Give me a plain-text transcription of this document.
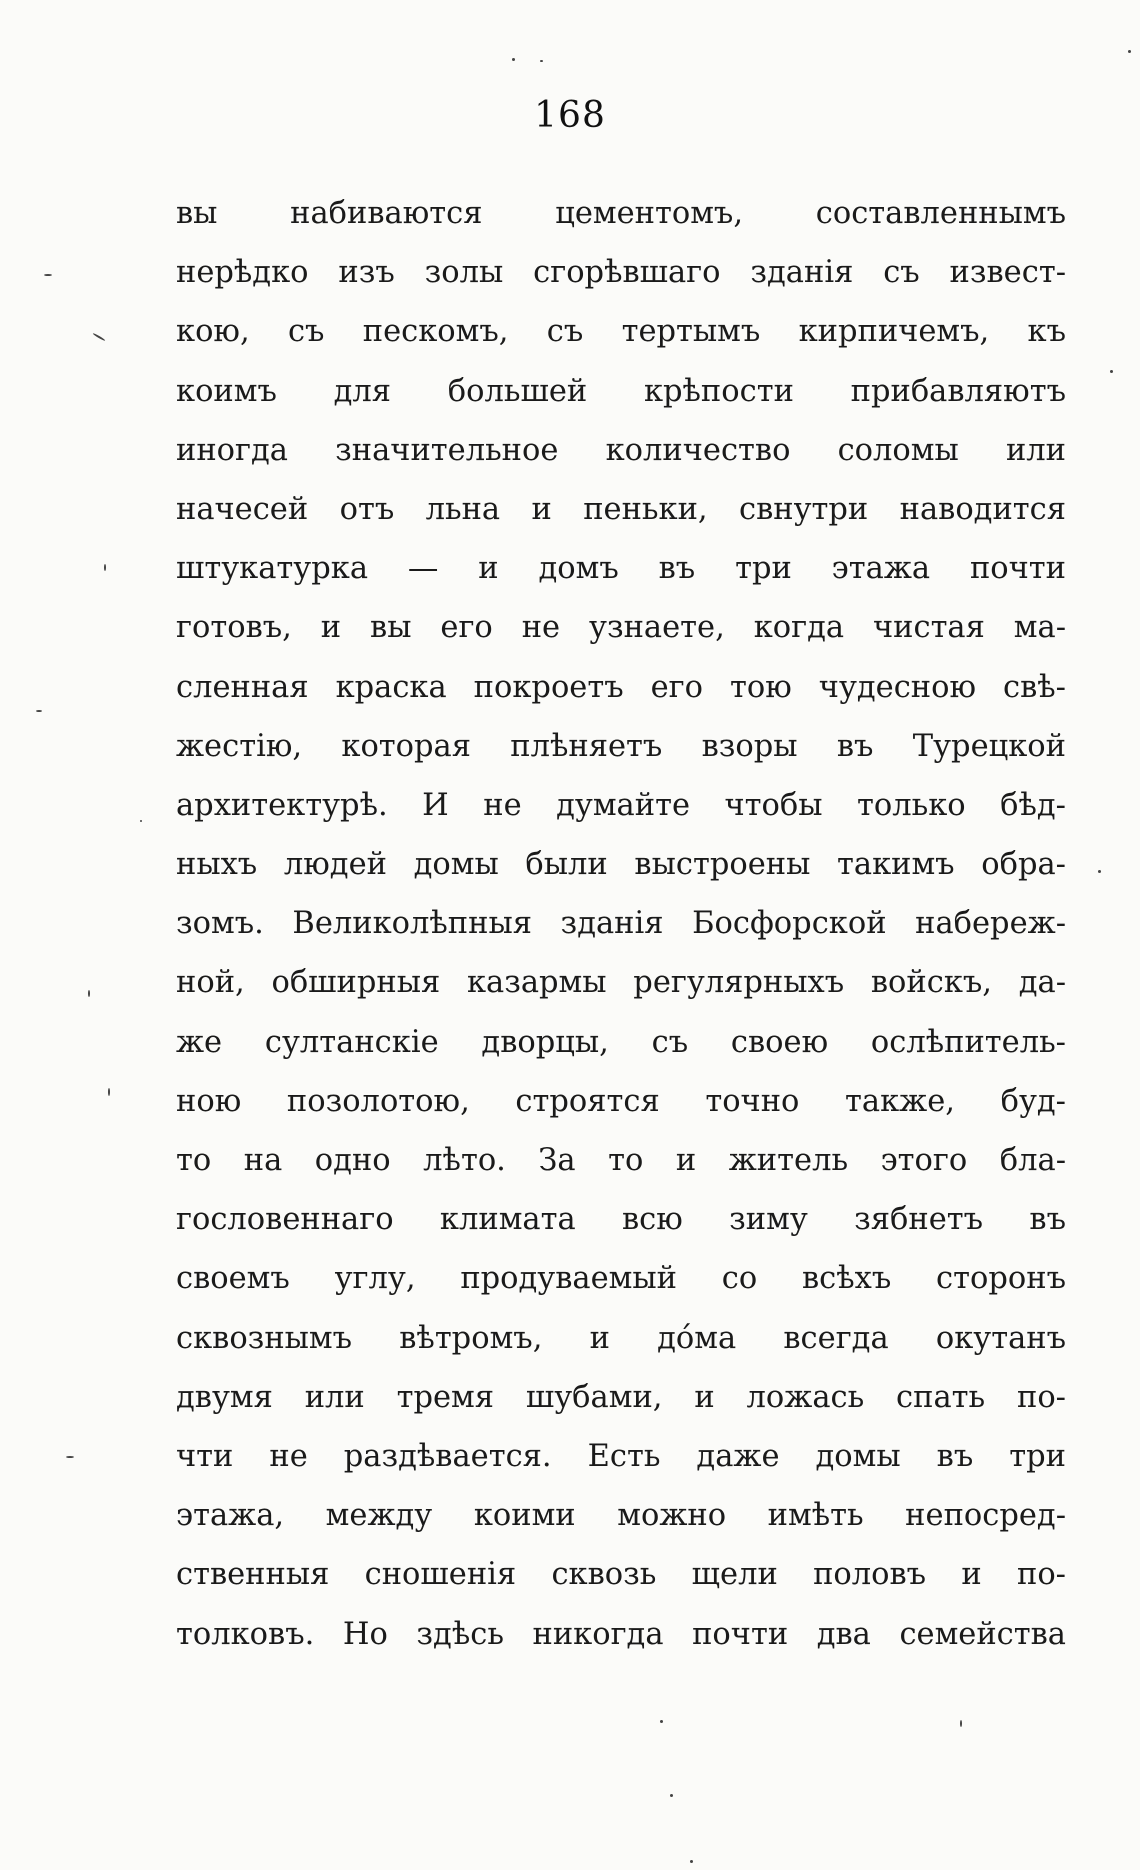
168
вы набиваются цементомъ, составленнымъ
нерѣдко изъ золы сгорѣвшаго зданія съ извест-
кою, съ пескомъ, съ тертымъ кирпичемъ, къ
коимъ для большей крѣпости прибавляютъ
иногда значительное количество соломы или
начесей отъ льна и пеньки, свнутри наводится
штукатурка — и домъ въ три этажа почти
готовъ, и вы его не узнаете, когда чистая ма-
сленная краска покроетъ его тою чудесною свѣ-
жестію, которая плѣняетъ взоры въ Турецкой
архитектурѣ. И не думайте чтобы только бѣд-
ныхъ людей домы были выстроены такимъ обра-
зомъ. Великолѣпныя зданія Босфорской набереж-
ной, обширныя казармы регулярныхъ войскъ, да-
же султанскіе дворцы, съ своею ослѣпитель-
ною позолотою, строятся точно также, буд-
то на одно лѣто. За то и житель этого бла-
гословеннаго климата всю зиму зябнетъ въ
своемъ углу, продуваемый со всѣхъ сторонъ
сквознымъ вѣтромъ, и дóма всегда окутанъ
двумя или тремя шубами, и ложась спать по-
чти не раздѣвается. Есть даже домы въ три
этажа, между коими можно имѣть непосред-
ственныя сношенія сквозь щели половъ и по-
толковъ. Но здѣсь никогда почти два семейства
